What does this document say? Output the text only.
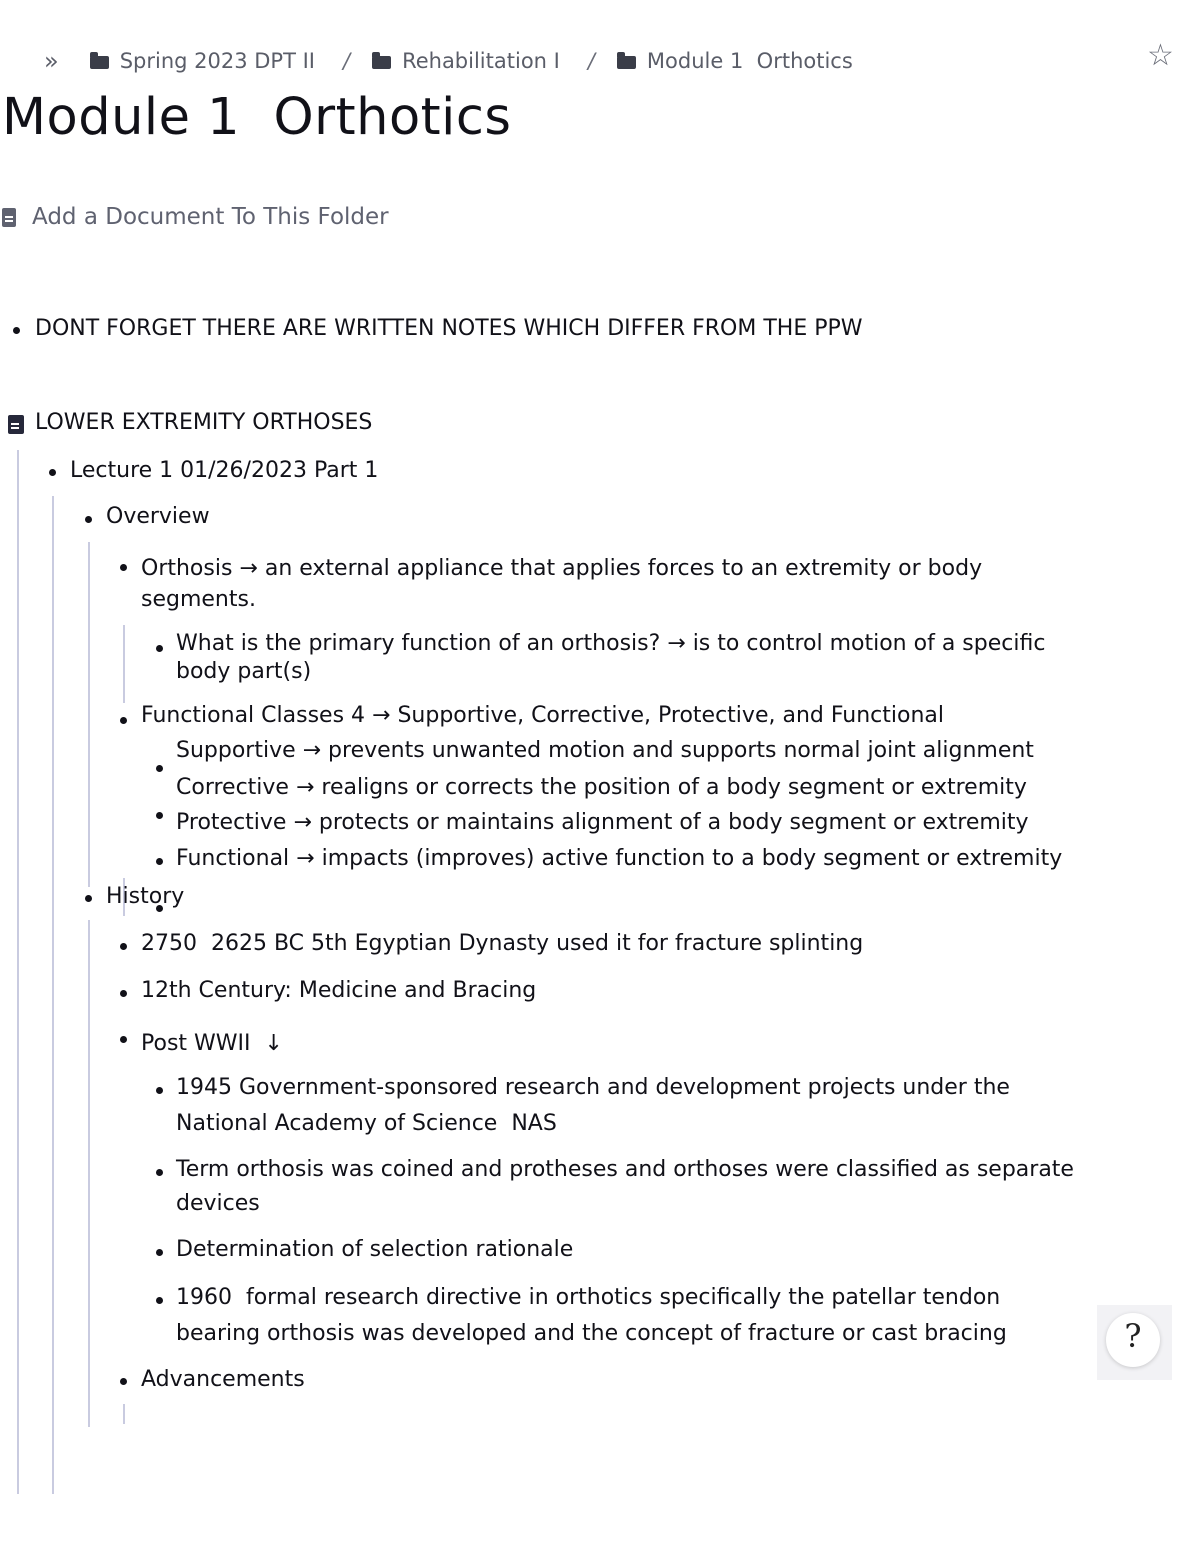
»	Spring 2023 DPT II / Rehabilitation I / Module 1  Orthotics	☆
Module 1  Orthotics
Add a Document To This Folder
DONT FORGET THERE ARE WRITTEN NOTES WHICH DIFFER FROM THE PPW
LOWER EXTREMITY ORTHOSES
Lecture 1 01/26/2023 Part 1
Overview
Orthosis → an external appliance that applies forces to an extremity or body
segments.
What is the primary function of an orthosis? → is to control motion of a specific
body part(s)
Functional Classes 4 → Supportive, Corrective, Protective, and Functional
Supportive → prevents unwanted motion and supports normal joint alignment
Corrective → realigns or corrects the position of a body segment or extremity
Protective → protects or maintains alignment of a body segment or extremity
Functional → impacts (improves) active function to a body segment or extremity
History
2750  2625 BC 5th Egyptian Dynasty used it for fracture splinting
12th Century: Medicine and Bracing
Post WWII  ↓
1945 Government-sponsored research and development projects under the
National Academy of Science  NAS
Term orthosis was coined and protheses and orthoses were classified as separate
devices
Determination of selection rationale
1960  formal research directive in orthotics specifically the patellar tendon
bearing orthosis was developed and the concept of fracture or cast bracing
Advancements
?
